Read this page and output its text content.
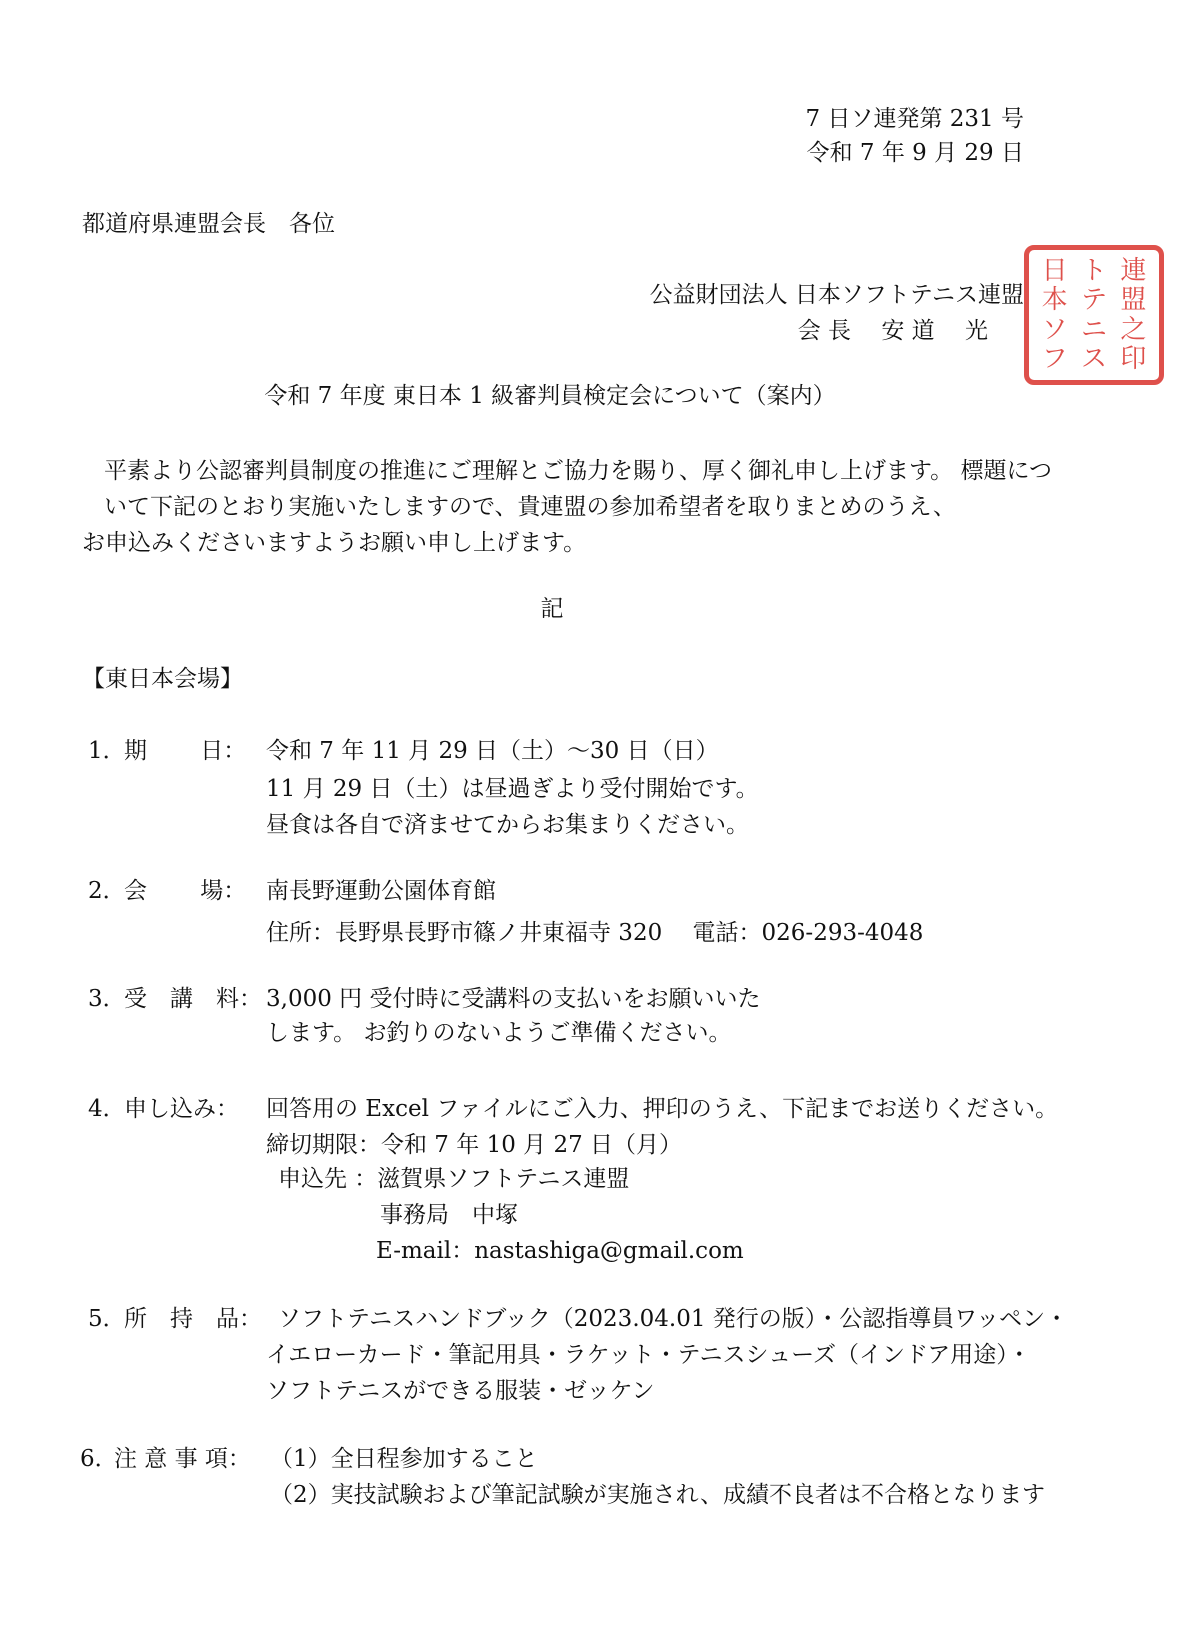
7 日ソ連発第 231 号
令和 7 年 9 月 29 日
都道府県連盟会長　各位
公益財団法人 日本ソフトテニス連盟
会 長　 安 道　 光
日
本
ソ
フ
ト
テ
ニ
ス
連
盟
之
印
令和 7 年度 東日本 1 級審判員検定会について（案内）
平素より公認審判員制度の推進にご理解とご協力を賜り、厚く御礼申し上げます。 標題につ
いて下記のとおり実施いたしますので、貴連盟の参加希望者を取りまとめのうえ、
お申込みくださいますようお願い申し上げます。
記
【東日本会場】
1．
期　　 日： 令和 7 年 11 月 29 日（土）～30 日（日）
11 月 29 日（土）は昼過ぎより受付開始です。
昼食は各自で済ませてからお集まりください。
2．
会　　 場： 南長野運動公園体育館
住所：長野県長野市篠ノ井東福寺 320　 電話：026-293-4048
3．
受　講　料： 3,000 円 受付時に受講料の支払いをお願いいた
します。 お釣りのないようご準備ください。
4．
申し込み： 回答用の Excel ファイルにご入力、押印のうえ、下記までお送りください。
締切期限：令和 7 年 10 月 27 日（月）
申込先 ：滋賀県ソフトテニス連盟
事務局　中塚
E-mail：nastashiga@gmail.com
5．
所　持　品： ソフトテニスハンドブック（2023.04.01 発行の版）・公認指導員ワッペン・
イエローカード・筆記用具・ラケット・テニスシューズ（インドア用途）・
ソフトテニスができる服装・ゼッケン
6．
注 意 事 項： （1）全日程参加すること
（2）実技試験および筆記試験が実施され、成績不良者は不合格となります
